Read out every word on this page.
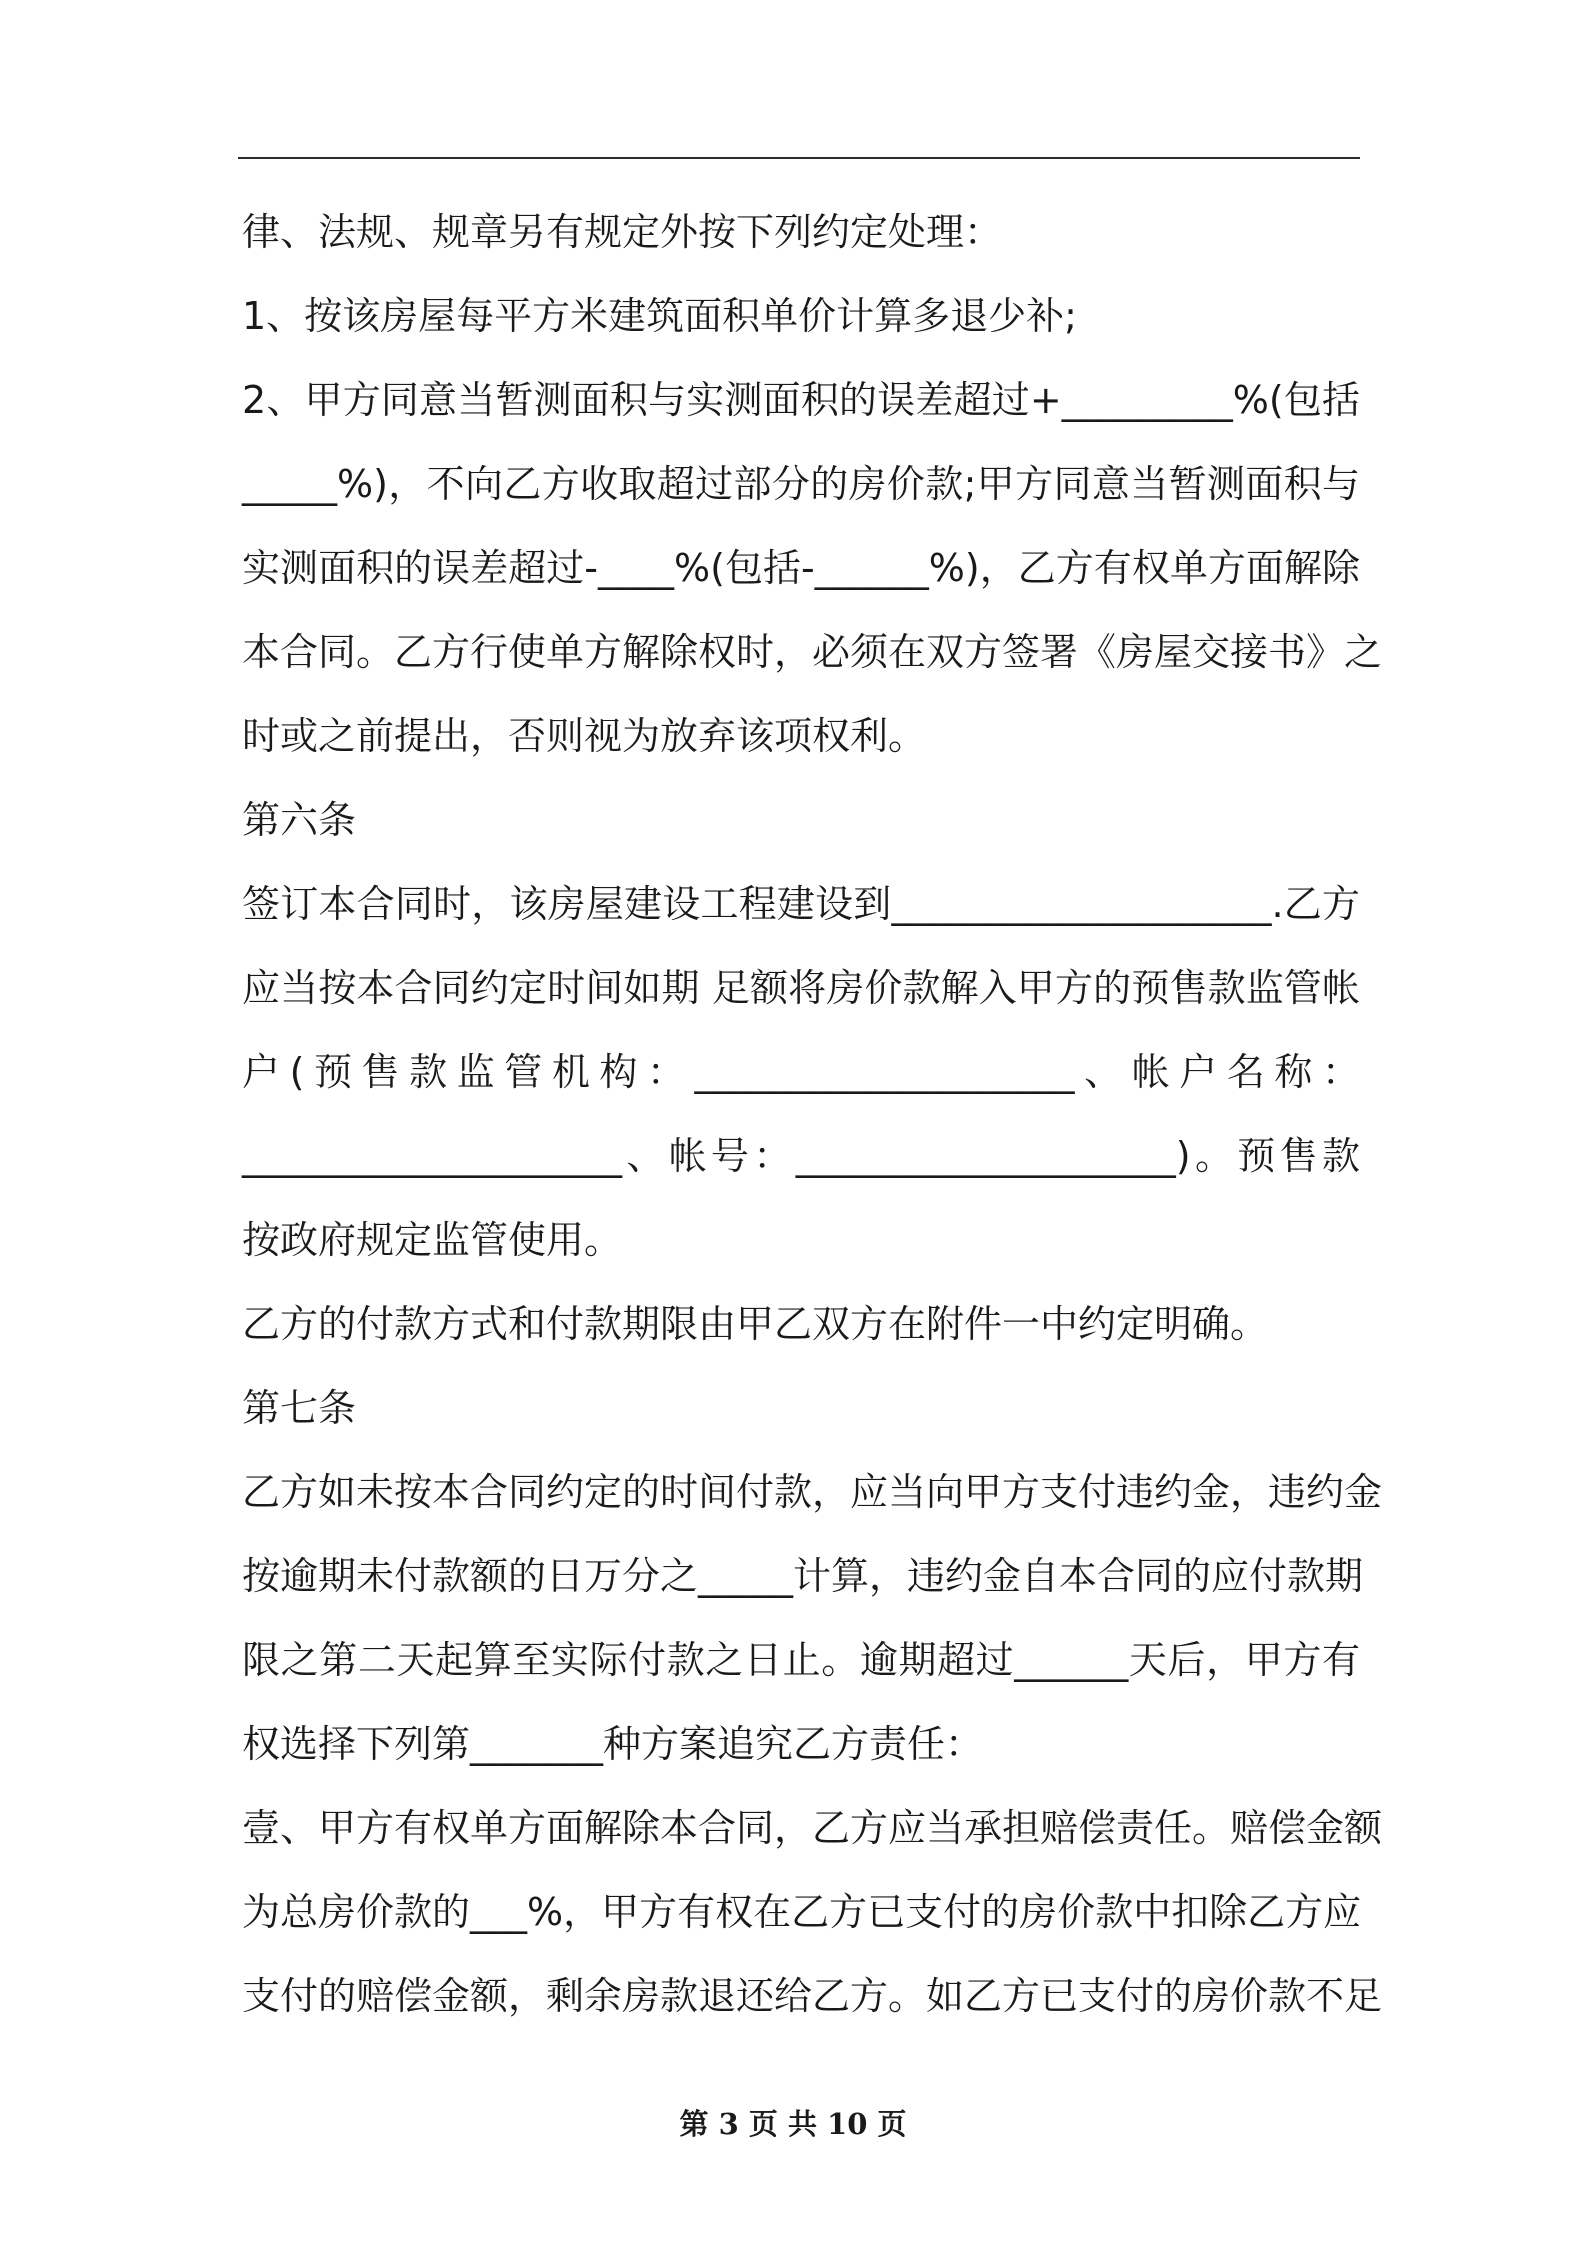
律、法规、规章另有规定外按下列约定处理：
1、按该房屋每平方米建筑面积单价计算多退少补;
2、甲方同意当暂测面积与实测面积的误差超过+_________%(包括
_____%)，不向乙方收取超过部分的房价款;甲方同意当暂测面积与
实测面积的误差超过-____%(包括-______%)，乙方有权单方面解除
本合同。乙方行使单方解除权时，必须在双方签署《房屋交接书》之
时或之前提出，否则视为放弃该项权利。
第六条
签订本合同时，该房屋建设工程建设到____________________.乙方
应当按本合同约定时间如期 足额将房价款解入甲方的预售款监管帐
户(预售款监管机构：____________________、帐户名称：
____________________、帐号：____________________)。预售款
按政府规定监管使用。
乙方的付款方式和付款期限由甲乙双方在附件一中约定明确。
第七条
乙方如未按本合同约定的时间付款，应当向甲方支付违约金，违约金
按逾期未付款额的日万分之_____计算，违约金自本合同的应付款期
限之第二天起算至实际付款之日止。逾期超过______天后，甲方有
权选择下列第_______种方案追究乙方责任：
壹、甲方有权单方面解除本合同，乙方应当承担赔偿责任。赔偿金额
为总房价款的___%，甲方有权在乙方已支付的房价款中扣除乙方应
支付的赔偿金额，剩余房款退还给乙方。如乙方已支付的房价款不足
第 3 页 共 10 页
